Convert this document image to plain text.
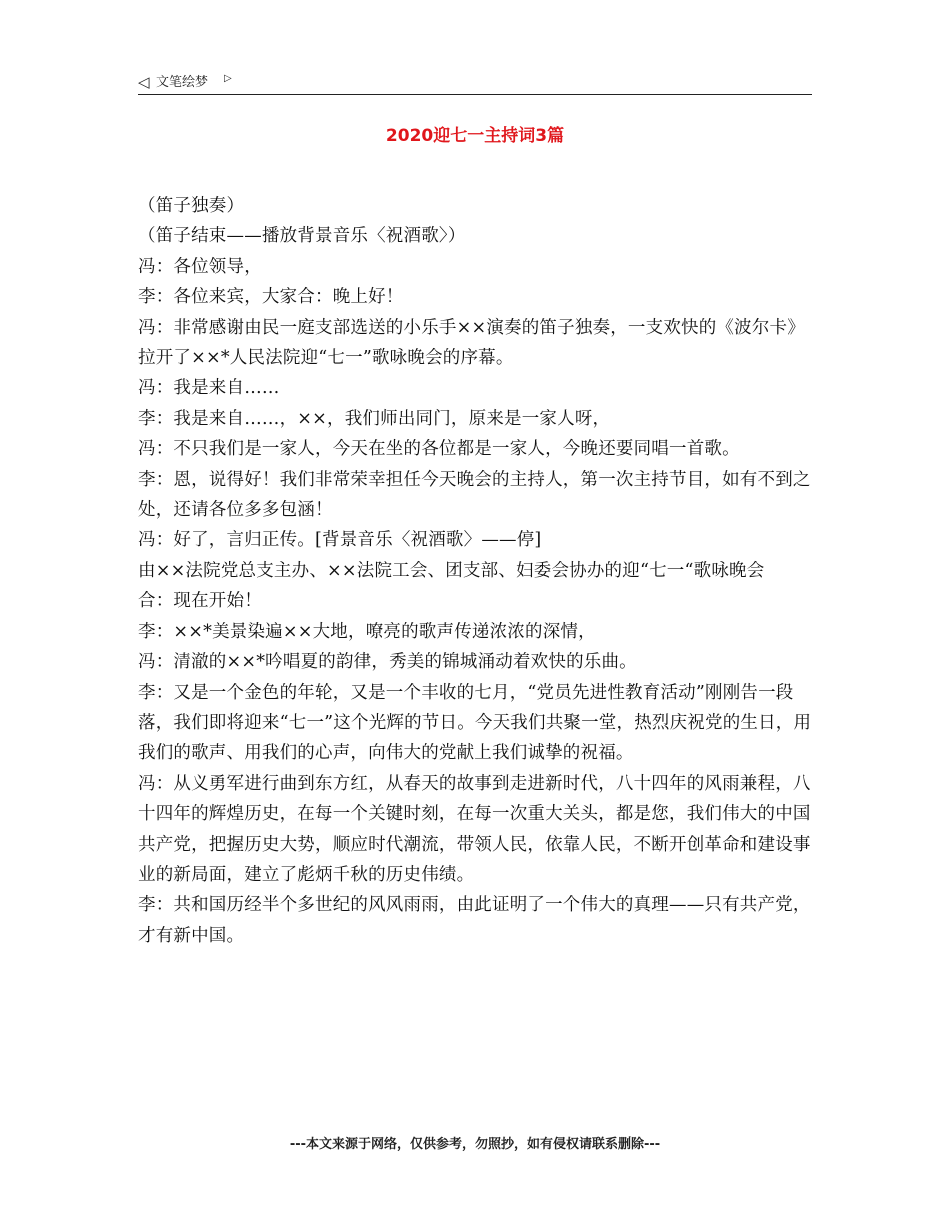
◁ 文笔绘梦 ▷
2020迎七一主持词3篇

（笛子独奏）

（笛子结束——播放背景音乐〈祝酒歌〉）

冯：各位领导，

李：各位来宾，大家合：晚上好！

冯：非常感谢由民一庭支部选送的小乐手××演奏的笛子独奏，一支欢快的《波尔卡》拉开了××*人民法院迎“七一”歌咏晚会的序幕。

冯：我是来自……

李：我是来自……，××，我们师出同门，原来是一家人呀，

冯：不只我们是一家人，今天在坐的各位都是一家人，今晚还要同唱一首歌。

李：恩，说得好！我们非常荣幸担任今天晚会的主持人，第一次主持节目，如有不到之处，还请各位多多包涵！

冯：好了，言归正传。[背景音乐〈祝酒歌〉——停]

由××法院党总支主办、××法院工会、团支部、妇委会协办的迎“七一“歌咏晚会

合：现在开始！

李：××*美景染遍××大地，嘹亮的歌声传递浓浓的深情，

冯：清澈的××*吟唱夏的韵律，秀美的锦城涌动着欢快的乐曲。

李：又是一个金色的年轮，又是一个丰收的七月，“党员先进性教育活动”刚刚告一段落，我们即将迎来“七一”这个光辉的节日。今天我们共聚一堂，热烈庆祝党的生日，用我们的歌声、用我们的心声，向伟大的党献上我们诚挚的祝福。

冯：从义勇军进行曲到东方红，从春天的故事到走进新时代，八十四年的风雨兼程，八十四年的辉煌历史，在每一个关键时刻，在每一次重大关头，都是您，我们伟大的中国共产党，把握历史大势，顺应时代潮流，带领人民，依靠人民，不断开创革命和建设事业的新局面，建立了彪炳千秋的历史伟绩。

李：共和国历经半个多世纪的风风雨雨，由此证明了一个伟大的真理——只有共产党，才有新中国。

---本文来源于网络，仅供参考，勿照抄，如有侵权请联系删除---
